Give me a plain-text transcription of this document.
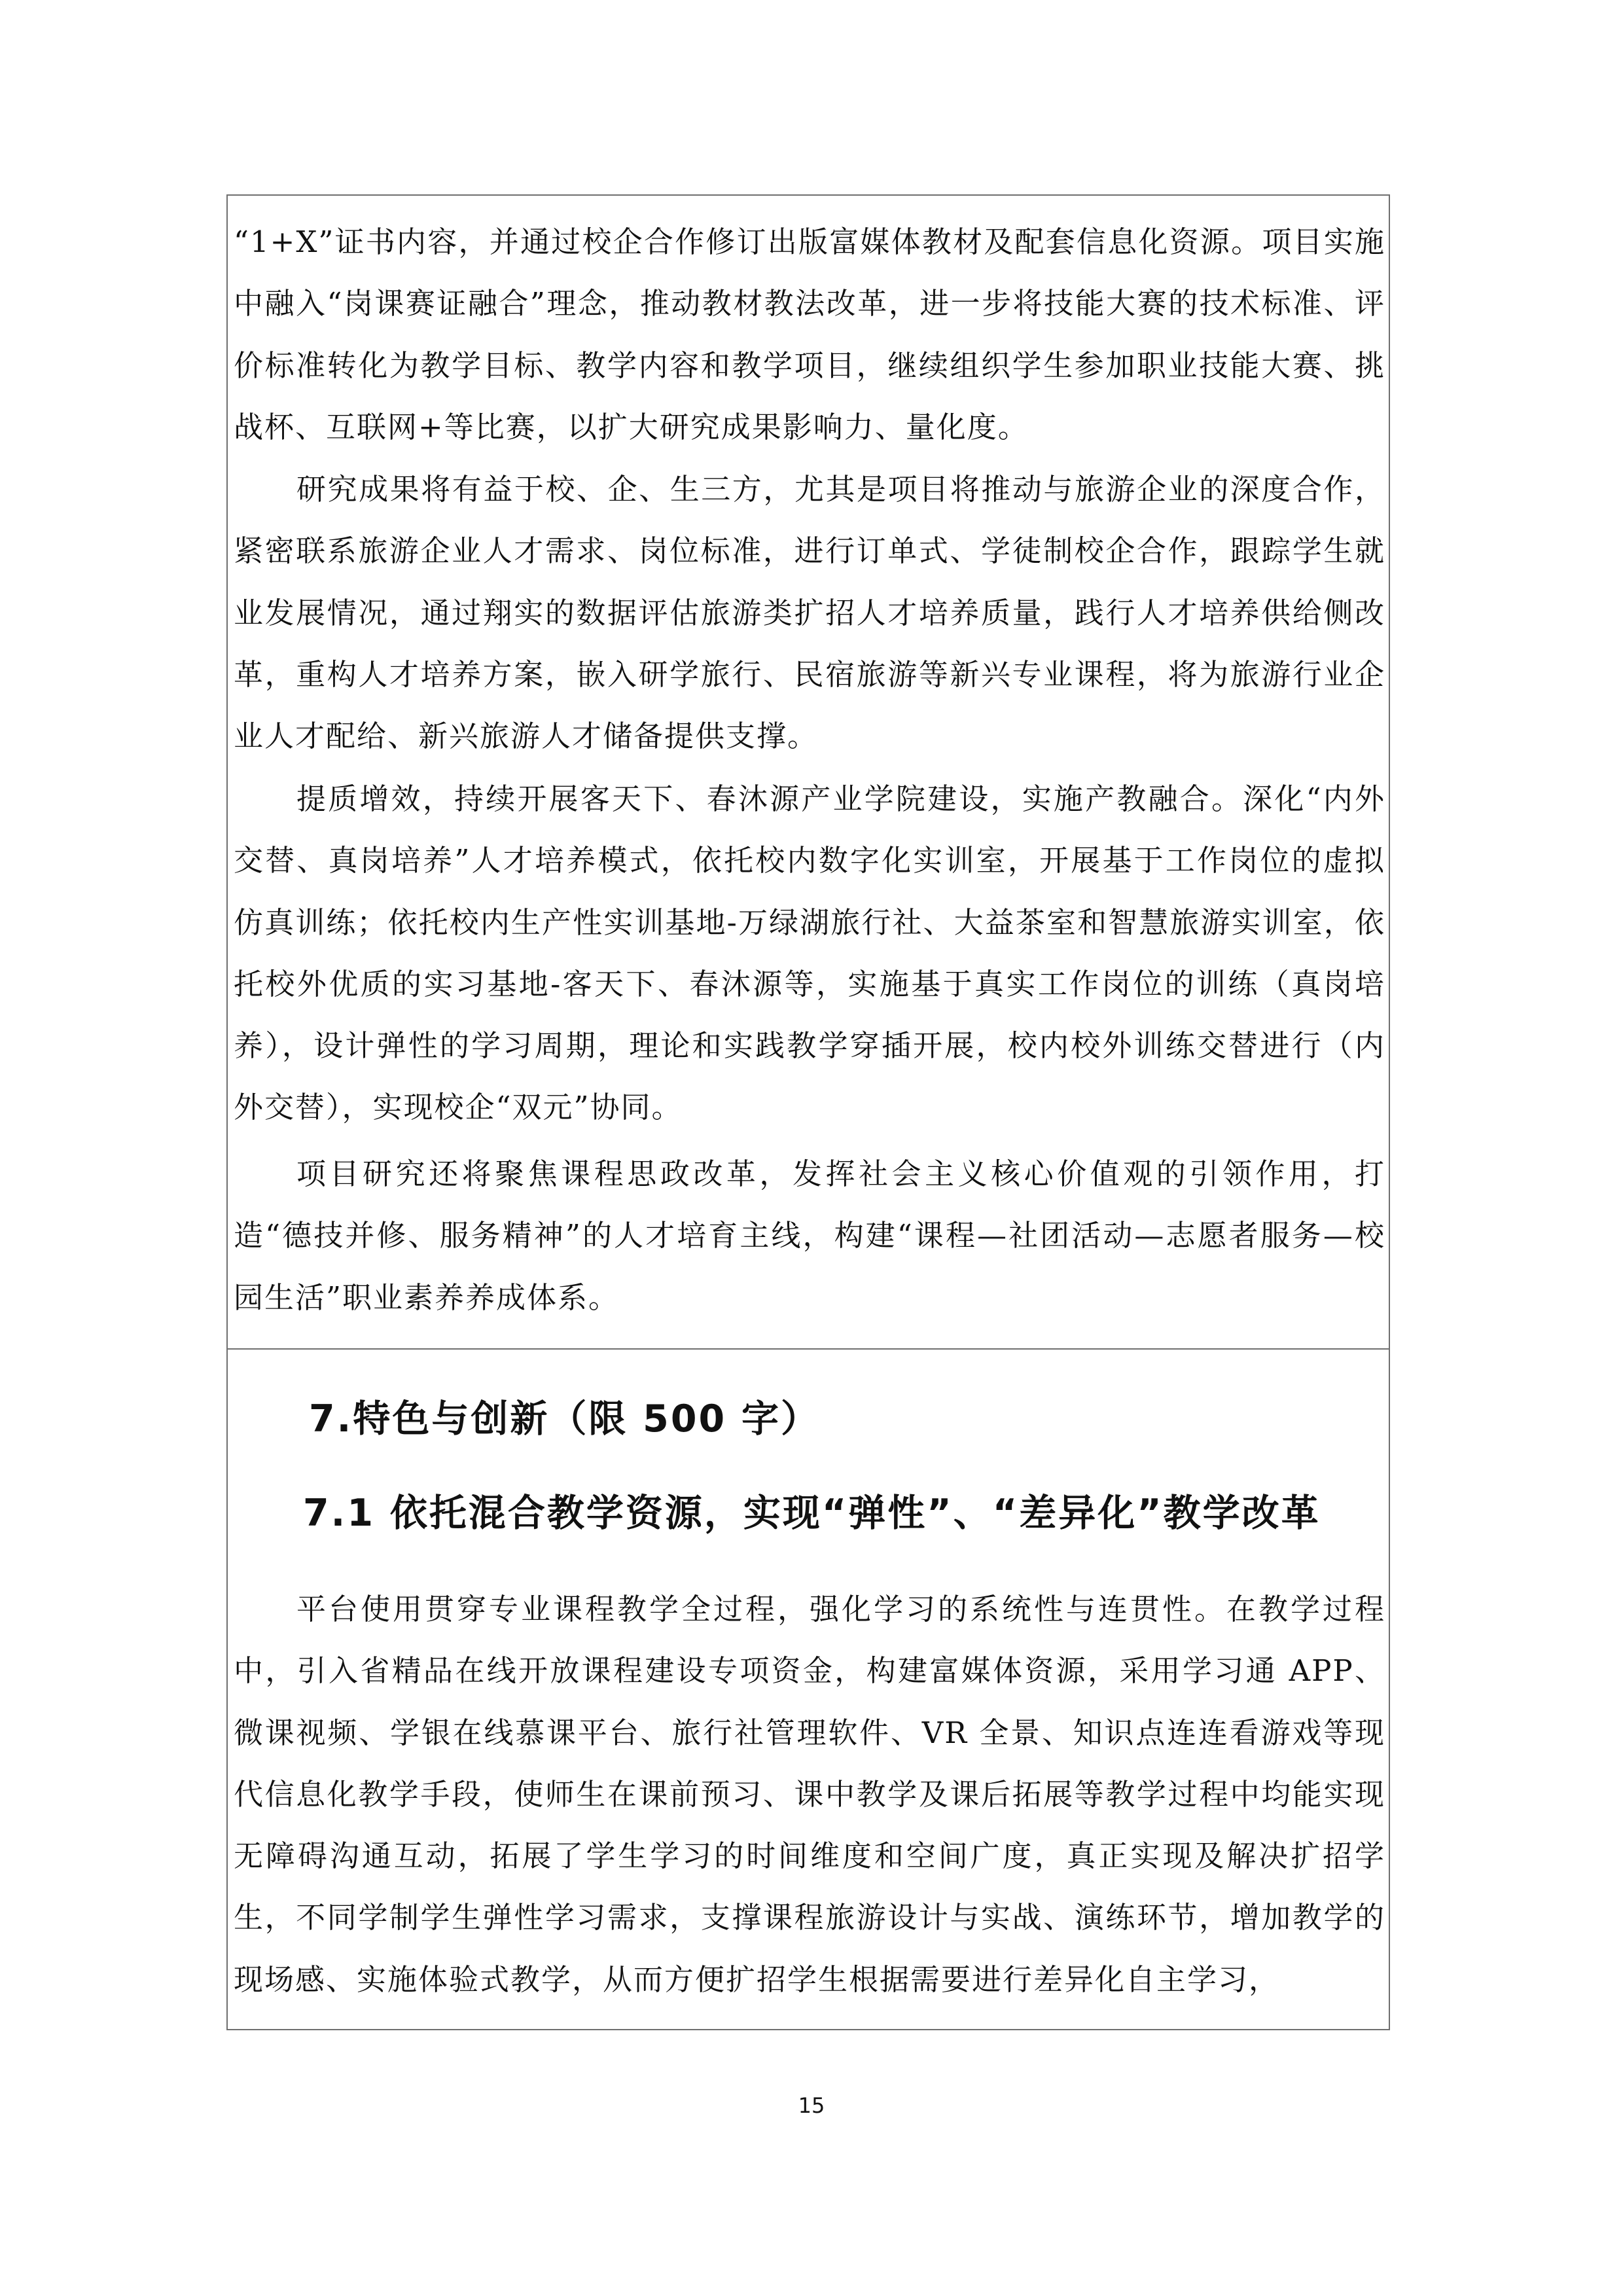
“1+X”证书内容，并通过校企合作修订出版富媒体教材及配套信息化资源。项目实施中融入“岗课赛证融合”理念，推动教材教法改革，进一步将技能大赛的技术标准、评价标准转化为教学目标、教学内容和教学项目，继续组织学生参加职业技能大赛、挑战杯、互联网+等比赛，以扩大研究成果影响力、量化度。

研究成果将有益于校、企、生三方，尤其是项目将推动与旅游企业的深度合作，紧密联系旅游企业人才需求、岗位标准，进行订单式、学徒制校企合作，跟踪学生就业发展情况，通过翔实的数据评估旅游类扩招人才培养质量，践行人才培养供给侧改革，重构人才培养方案，嵌入研学旅行、民宿旅游等新兴专业课程，将为旅游行业企业人才配给、新兴旅游人才储备提供支撑。

提质增效，持续开展客天下、春沐源产业学院建设，实施产教融合。深化“内外交替、真岗培养”人才培养模式，依托校内数字化实训室，开展基于工作岗位的虚拟仿真训练；依托校内生产性实训基地-万绿湖旅行社、大益茶室和智慧旅游实训室，依托校外优质的实习基地-客天下、春沐源等，实施基于真实工作岗位的训练（真岗培养），设计弹性的学习周期，理论和实践教学穿插开展，校内校外训练交替进行（内外交替），实现校企“双元”协同。

项目研究还将聚焦课程思政改革，发挥社会主义核心价值观的引领作用，打造“德技并修、服务精神”的人才培育主线，构建“课程—社团活动—志愿者服务—校园生活”职业素养养成体系。

7.特色与创新（限 500 字）
7.1 依托混合教学资源，实现“弹性”、“差异化”教学改革

平台使用贯穿专业课程教学全过程，强化学习的系统性与连贯性。在教学过程中，引入省精品在线开放课程建设专项资金，构建富媒体资源，采用学习通 APP、微课视频、学银在线慕课平台、旅行社管理软件、VR 全景、知识点连连看游戏等现代信息化教学手段，使师生在课前预习、课中教学及课后拓展等教学过程中均能实现无障碍沟通互动，拓展了学生学习的时间维度和空间广度，真正实现及解决扩招学生，不同学制学生弹性学习需求，支撑课程旅游设计与实战、演练环节，增加教学的现场感、实施体验式教学，从而方便扩招学生根据需要进行差异化自主学习，

15
